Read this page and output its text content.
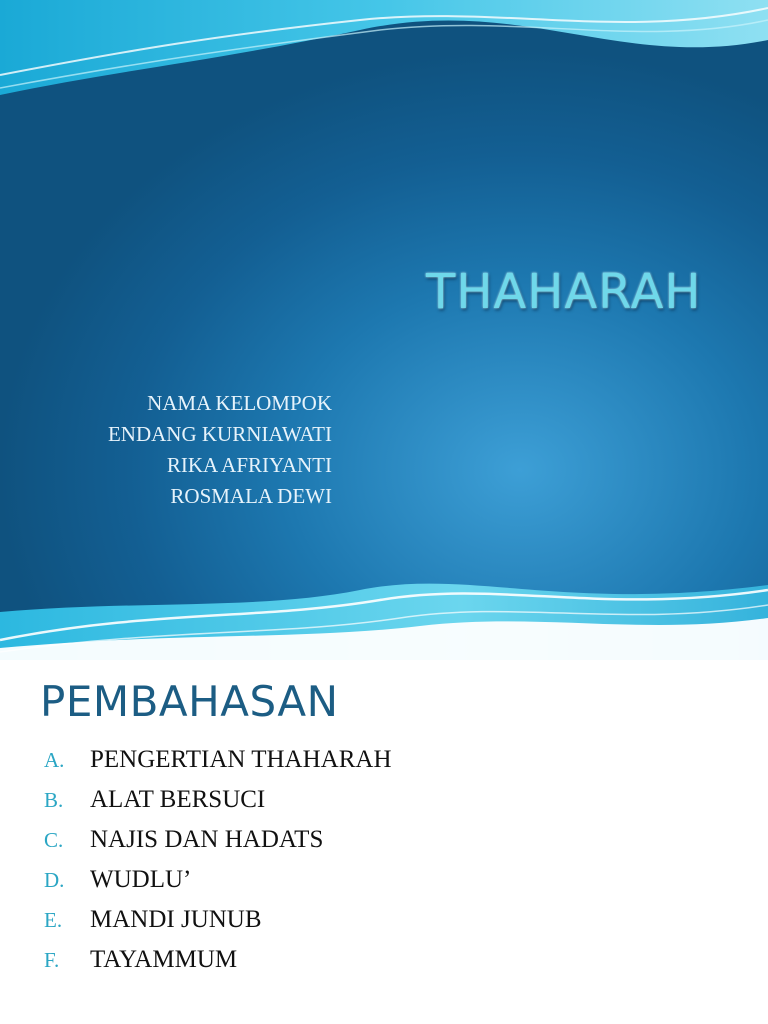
THAHARAH
NAMA KELOMPOK
ENDANG KURNIAWATI
RIKA AFRIYANTI
ROSMALA DEWI
PEMBAHASAN
A.	PENGERTIAN THAHARAH
B.	ALAT BERSUCI
C.	NAJIS DAN HADATS
D.	WUDLU’
E.	MANDI JUNUB
F.	TAYAMMUM
